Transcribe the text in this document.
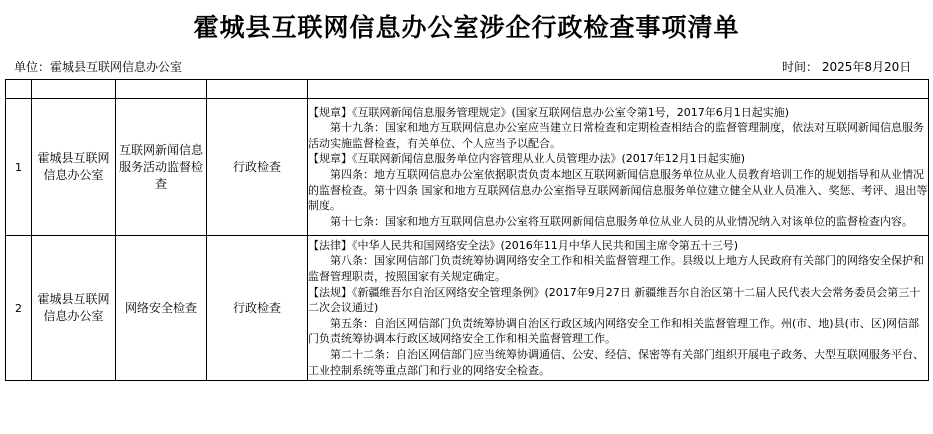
霍城县互联网信息办公室涉企行政检查事项清单
单位：霍城县互联网信息办公室	时间： 2025年8月20日

1	霍城县互联网信息办公室	互联网新闻信息服务活动监督检查	行政检查	【规章】《互联网新闻信息服务管理规定》(国家互联网信息办公室令第1号，2017年6月1日起实施)

第十九条：国家和地方互联网信息办公室应当建立日常检查和定期检查相结合的监督管理制度，依法对互联网新闻信息服务活动实施监督检查，有关单位、个人应当予以配合。

【规章】《互联网新闻信息服务单位内容管理从业人员管理办法》(2017年12月1日起实施)

第四条：地方互联网信息办公室依据职责负责本地区互联网新闻信息服务单位从业人员教育培训工作的规划指导和从业情况的监督检查。第十四条 国家和地方互联网信息办公室指导互联网新闻信息服务单位建立健全从业人员准入、奖惩、考评、退出等制度。

第十七条：国家和地方互联网信息办公室将互联网新闻信息服务单位从业人员的从业情况纳入对该单位的监督检查内容。

2	霍城县互联网信息办公室	网络安全检查	行政检查	【法律】《中华人民共和国网络安全法》(2016年11月中华人民共和国主席令第五十三号)

第八条：国家网信部门负责统筹协调网络安全工作和相关监督管理工作。县级以上地方人民政府有关部门的网络安全保护和监督管理职责，按照国家有关规定确定。

【法规】《新疆维吾尔自治区网络安全管理条例》(2017年9月27日 新疆维吾尔自治区第十二届人民代表大会常务委员会第三十二次会议通过)

第五条：自治区网信部门负责统筹协调自治区行政区域内网络安全工作和相关监督管理工作。州(市、地)县(市、区)网信部门负责统筹协调本行政区域网络安全工作和相关监督管理工作。

第二十二条：自治区网信部门应当统筹协调通信、公安、经信、保密等有关部门组织开展电子政务、大型互联网服务平台、工业控制系统等重点部门和行业的网络安全检查。
